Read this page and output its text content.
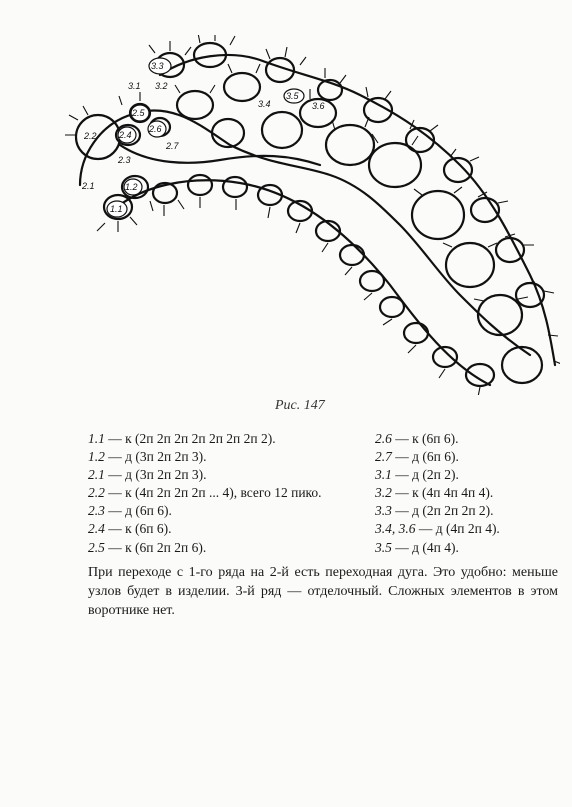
3.3
3.1 3.2
2.5
3.4
3.5
3.6
2.2 2.4
2.6
2.7
2.3
2.1	1.2
1.1
Рис. 147
1.1 — к (2п 2п 2п 2п 2п 2п 2п 2).
1.2 — д (3п 2п 2п 3).
2.1 — д (3п 2п 2п 3).
2.2 — к (4п 2п 2п 2п ... 4), всего 12 пико.
2.3 — д (6п 6).
2.4 — к (6п 6).
2.5 — к (6п 2п 2п 6).
2.6 — к (6п 6).
2.7 — д (6п 6).
3.1 — д (2п 2).
3.2 — к (4п 4п 4п 4).
3.3 — д (2п 2п 2п 2).
3.4, 3.6 — д (4п 2п 4).
3.5 — д (4п 4).

При переходе с 1-го ряда на 2-й есть переходная дуга. Это удобно: меньше узлов будет в изделии. 3-й ряд — отделочный. Сложных элементов в этом воротнике нет.
